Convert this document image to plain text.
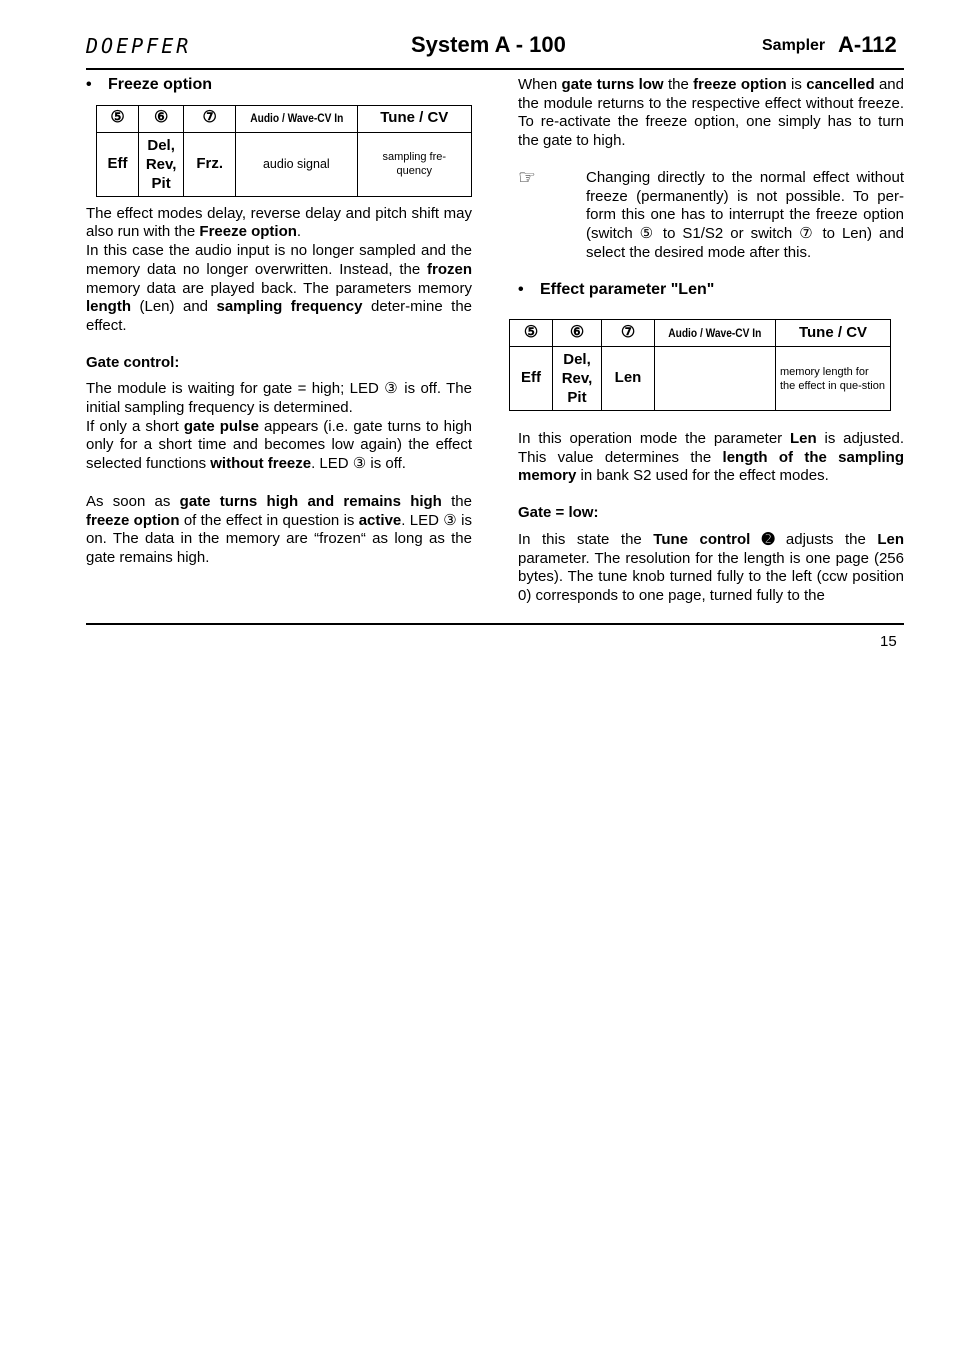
DOEPFER	System A - 100	Sampler A-112
•	Freeze option
⑤	⑥	⑦	Audio / Wave-CV In	Tune / CV
Eff	Del,
Rev,
Pit	Frz.	audio signal	sampling fre-quency

The effect modes delay, reverse delay and pitch shift may also run with the Freeze option.

In this case the audio input is no longer sampled and the memory data no longer overwritten. Instead, the frozen memory data are played back. The parameters memory length (Len) and sampling frequency deter-mine the effect.

Gate control:

The module is waiting for gate = high; LED ③ is off. The initial sampling frequency is determined.

If only a short gate pulse appears (i.e. gate turns to high only for a short time and becomes low again) the effect selected functions without freeze. LED ③ is off.

As soon as gate turns high and remains high the freeze option of the effect in question is active. LED ③ is on. The data in the memory are “frozen“ as long as the gate remains high.

When gate turns low the freeze option is cancelled and the module returns to the respective effect without freeze. To re-activate the freeze option, one simply has to turn the gate to high.

☞	Changing directly to the normal effect without freeze (permanently) is not possible. To per-form this one has to interrupt the freeze option (switch ⑤ to S1/S2 or switch ⑦ to Len) and select the desired mode after this.

•	Effect parameter "Len"
⑤	⑥	⑦	Audio / Wave-CV In	Tune / CV
Eff	Del,
Rev,
Pit	Len		memory length for the effect in que-stion

In this operation mode the parameter Len is adjusted. This value determines the length of the sampling memory in bank S2 used for the effect modes.

Gate = low:

In this state the Tune control ➋ adjusts the Len parameter. The resolution for the length is one page (256 bytes). The tune knob turned fully to the left (ccw position 0) corresponds to one page, turned fully to the

15
